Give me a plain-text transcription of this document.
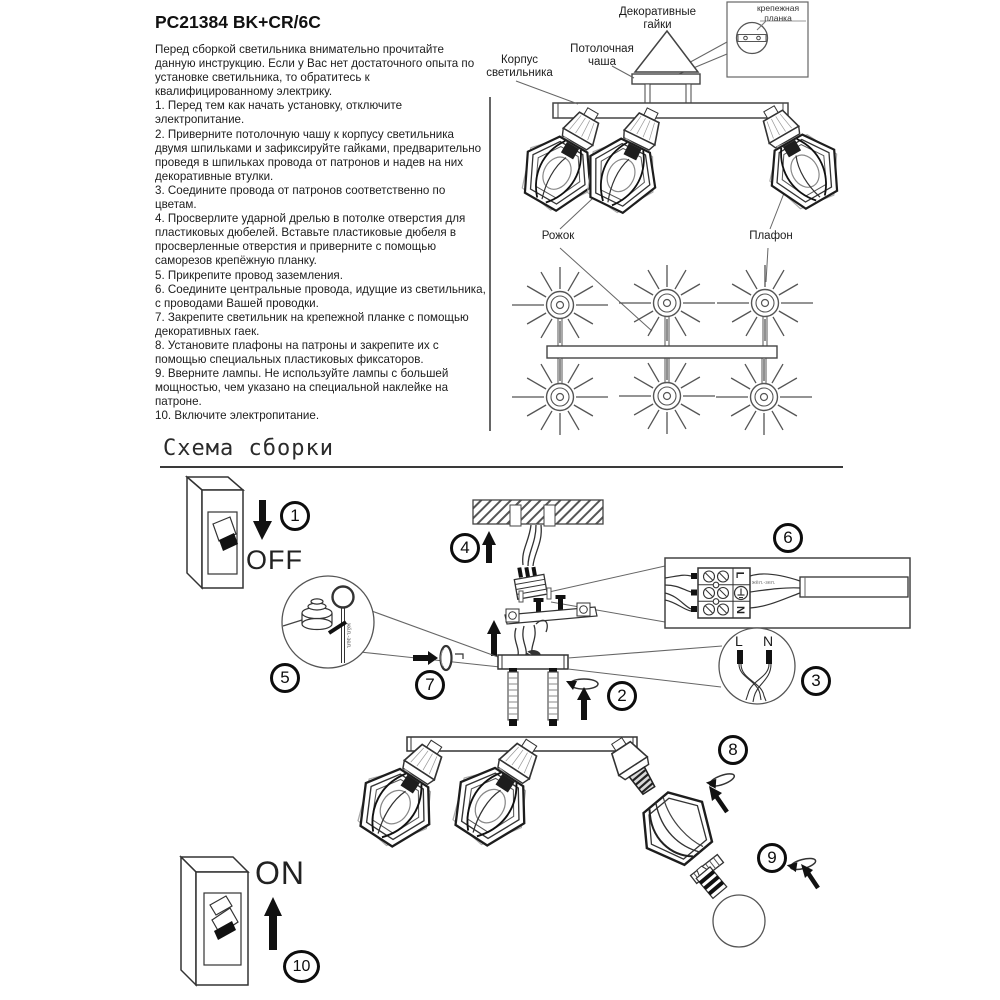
PC21384 BK+CR/6C

Перед сборкой светильника внимательно прочитайте данную инструкцию. Если у Вас нет достаточного опыта по установке светильника, то обратитесь к квалифицированному электрику.

1. Перед тем как начать установку, отключите электропитание.

2. Приверните потолочную чашу к корпусу светильника двумя шпильками и зафиксируйте гайками, предварительно проведя в шпильках провода от патронов и надев на них декоративные втулки.

3. Соедините провода от патронов соответственно по цветам.

4. Просверлите ударной дрелью в потолке отверстия для пластиковых дюбелей. Вставьте пластиковые дюбеля в просверленные отверстия и приверните с помощью саморезов крепёжную планку.

5. Прикрепите провод заземления.

6. Соедините центральные провода, идущие из светильника, с проводами Вашей проводки.

7. Закрепите светильник на крепежной планке с помощью декоративных гаек.

8. Установите плафоны на патроны и закрепите их с помощью специальных пластиковых фиксаторов.

9. Вверните лампы. Не используйте лампы с большей мощностью, чем указано на специальной наклейке на патроне.

10. Включите электропитание.

Декоративные гайки
крепежная планка
Корпус светильника
Потолочная чаша
Рожок	Плафон
Схема сборки
OFF
ON
L N
L
N
жёл.-зел.
жёл.-зел.
1
2
3
4
5
6
7
8
9
10
